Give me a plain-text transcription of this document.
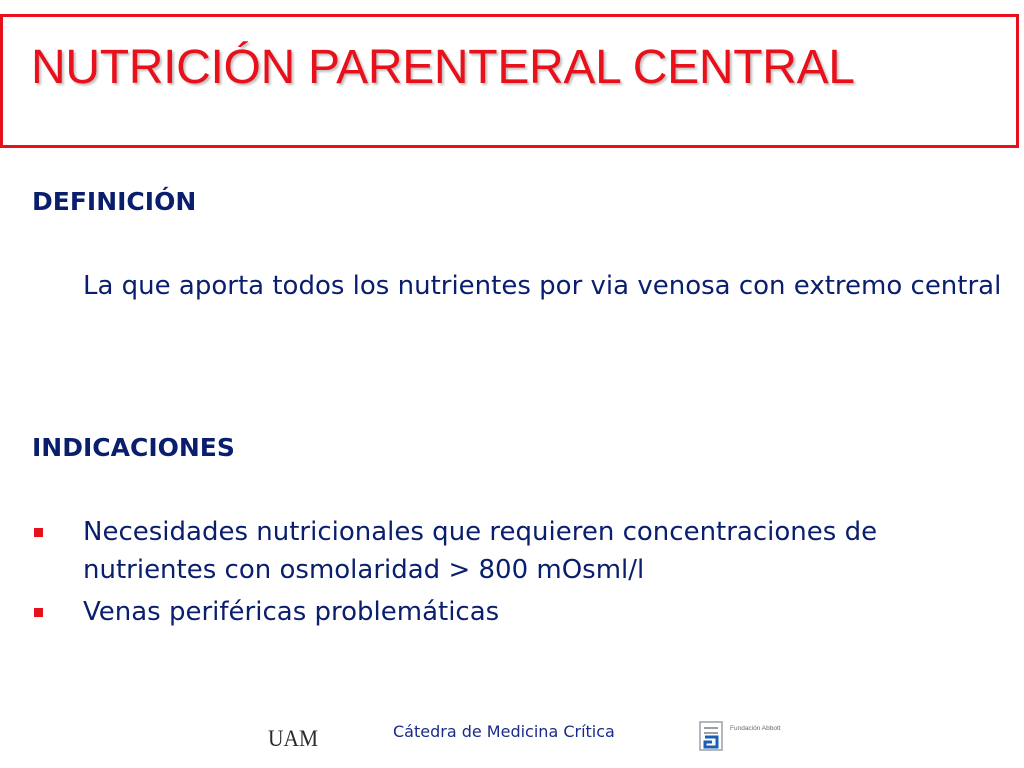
NUTRICIÓN PARENTERAL CENTRAL
DEFINICIÓN
La que aporta todos los nutrientes por via venosa con extremo central
INDICACIONES
Necesidades nutricionales que requieren concentraciones de nutrientes con osmolaridad > 800 mOsml/l
Venas periféricas problemáticas
UAM	Cátedra de Medicina Crítica	Fundación Abbott
